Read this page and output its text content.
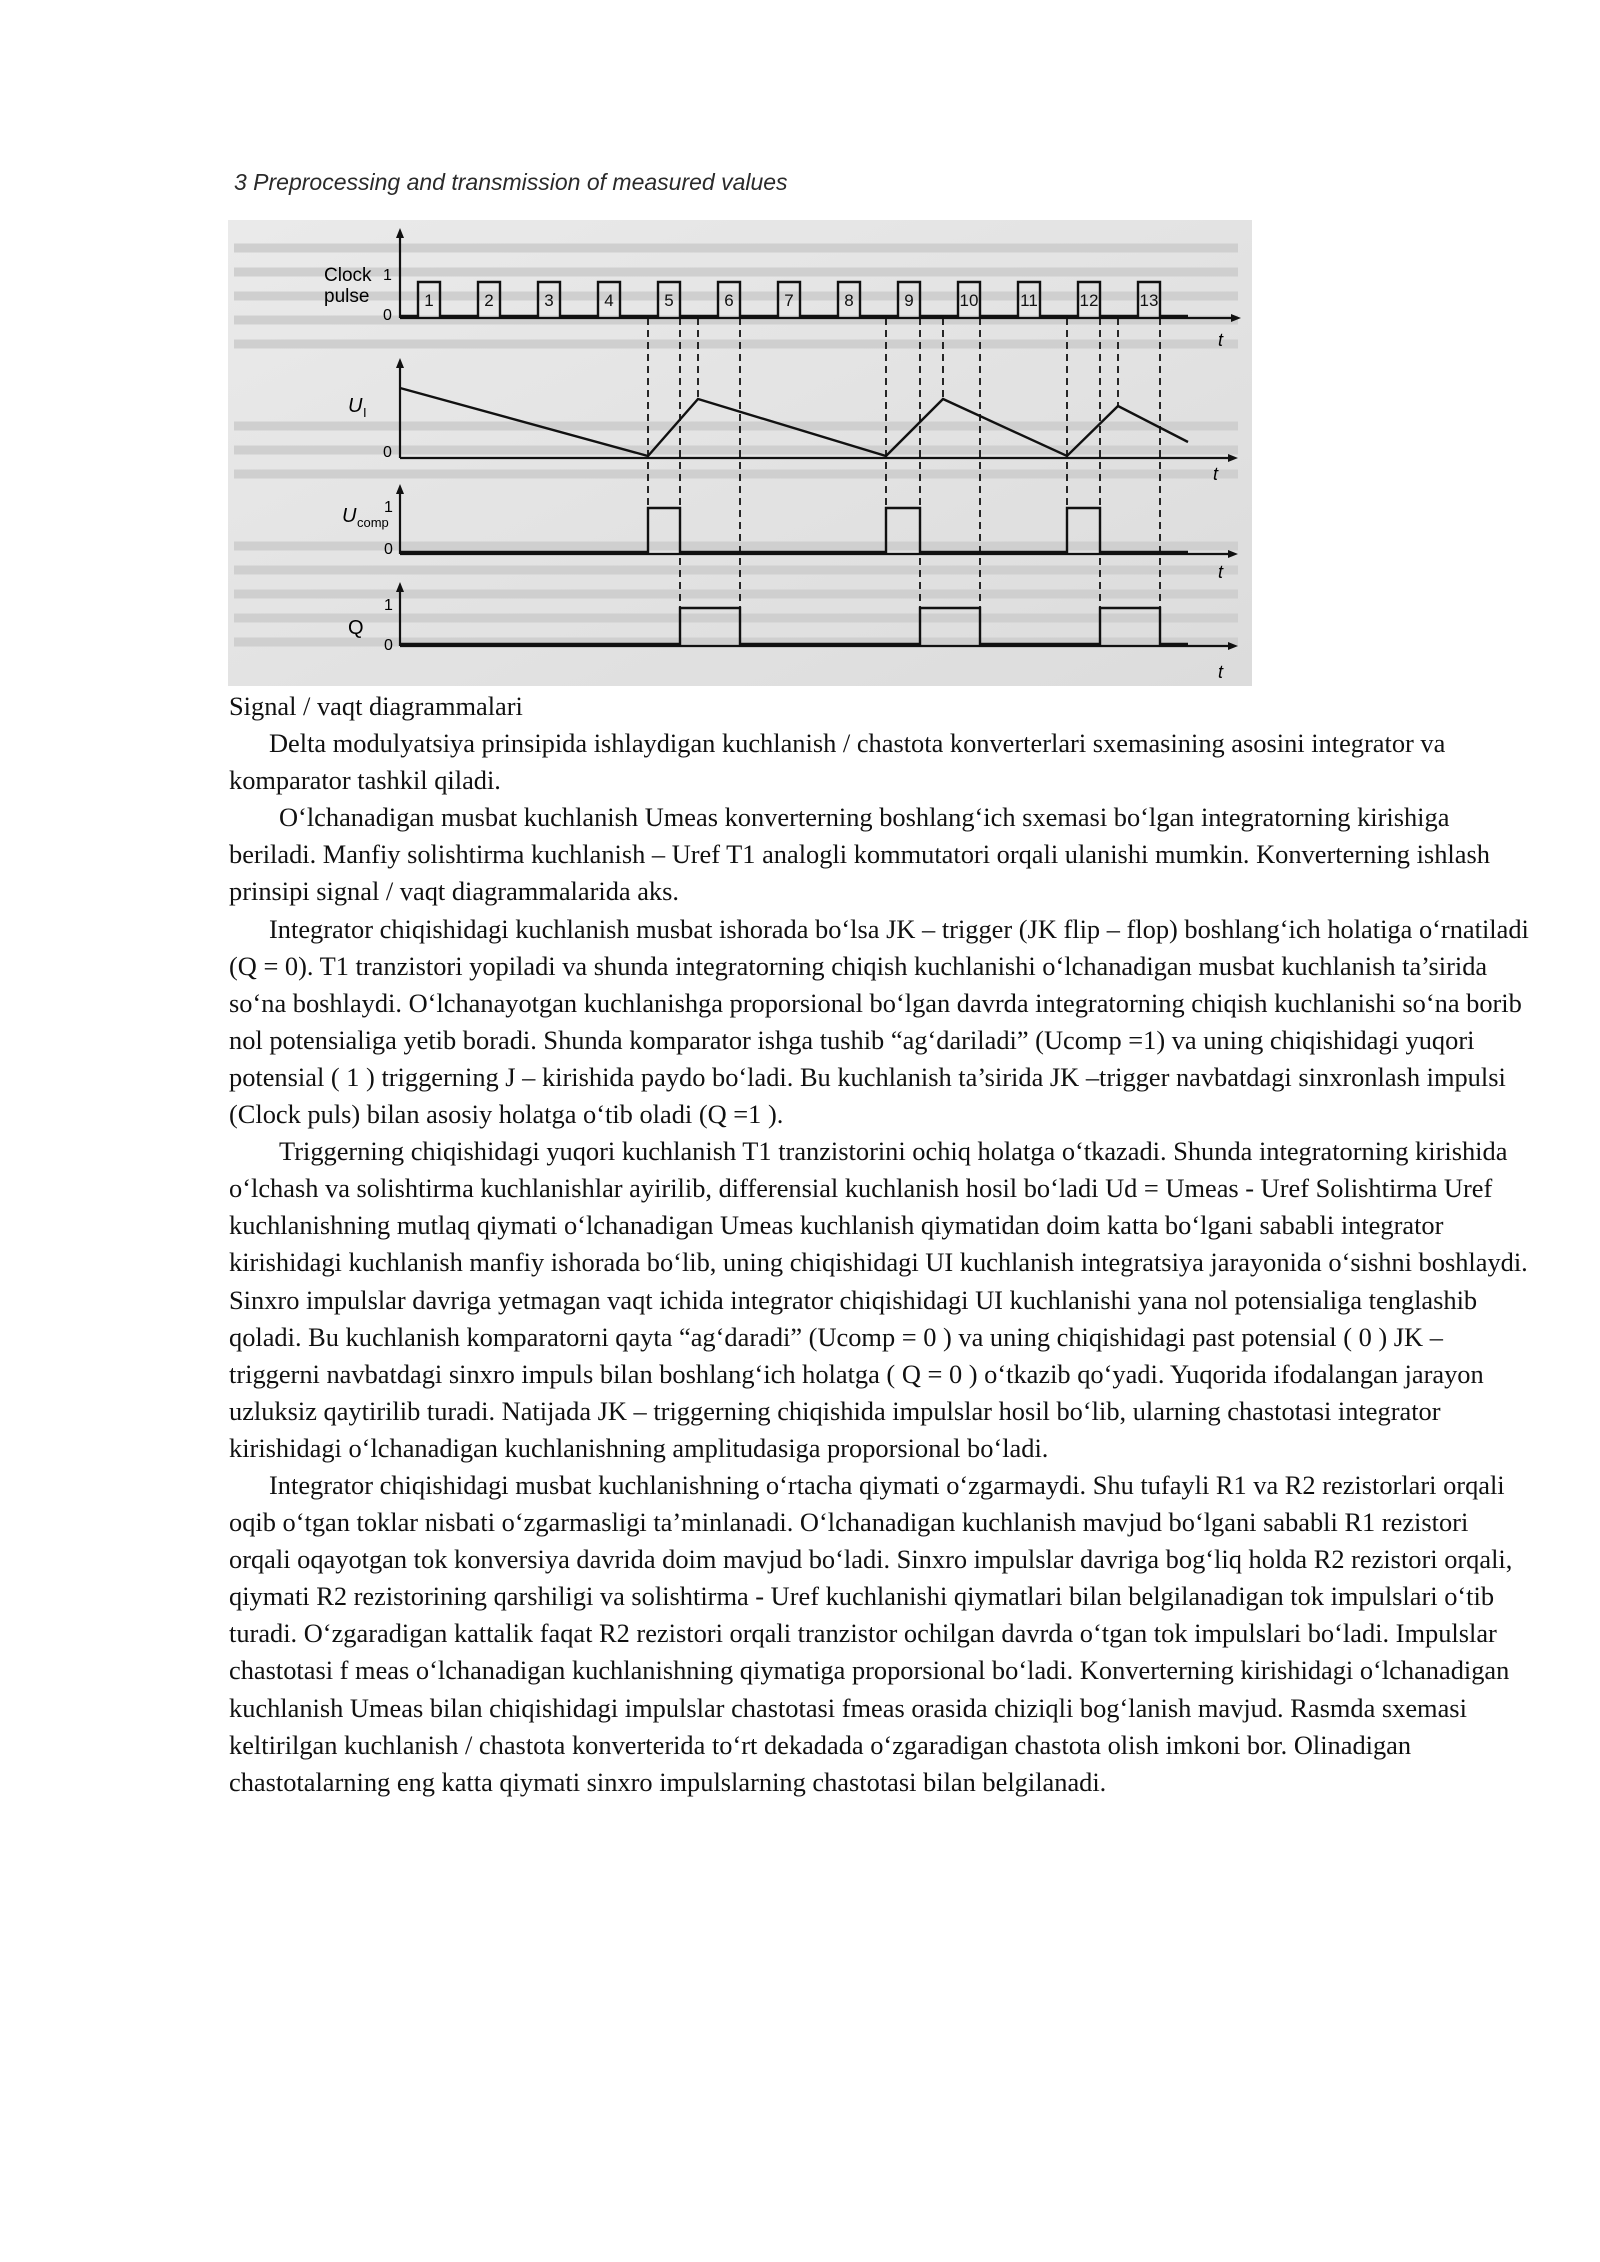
3 Preprocessing and transmission of measured values
Clock
pulse
1
0
1	2	3	4	5	6	7	8	9	10 11 12 13
t
U I
0
t
U comp
1
0
t
Q
1
0
t

Signal / vaqt diagrammalari

Delta modulyatsiya prinsipida ishlaydigan kuchlanish / chastota konverterlari sxemasining asosini integrator va komparator tashkil qiladi.

O‘lchanadigan musbat kuchlanish Umeas konverterning boshlang‘ich sxemasi bo‘lgan integratorning kirishiga beriladi. Manfiy solishtirma kuchlanish – Uref T1 analogli kommutatori orqali ulanishi mumkin. Konverterning ishlash prinsipi signal / vaqt diagrammalarida aks.

Integrator chiqishidagi kuchlanish musbat ishorada bo‘lsa JK – trigger (JK flip – flop) boshlang‘ich holatiga o‘rnatiladi (Q = 0). T1 tranzistori yopiladi va shunda integratorning chiqish kuchlanishi o‘lchanadigan musbat kuchlanish ta’sirida so‘na boshlaydi. O‘lchanayotgan kuchlanishga proporsional bo‘lgan davrda integratorning chiqish kuchlanishi so‘na borib nol potensialiga yetib boradi. Shunda komparator ishga tushib “ag‘dariladi” (Ucomp =1) va uning chiqishidagi yuqori potensial ( 1 ) triggerning J – kirishida paydo bo‘ladi. Bu kuchlanish ta’sirida JK –trigger navbatdagi sinxronlash impulsi (Clock puls) bilan asosiy holatga o‘tib oladi (Q =1 ).

Triggerning chiqishidagi yuqori kuchlanish T1 tranzistorini ochiq holatga o‘tkazadi. Shunda integratorning kirishida o‘lchash va solishtirma kuchlanishlar ayirilib, differensial kuchlanish hosil bo‘ladi Ud = Umeas - Uref Solishtirma Uref kuchlanishning mutlaq qiymati o‘lchanadigan Umeas kuchlanish qiymatidan doim katta bo‘lgani sababli integrator kirishidagi kuchlanish manfiy ishorada bo‘lib, uning chiqishidagi UI kuchlanish integratsiya jarayonida o‘sishni boshlaydi. Sinxro impulslar davriga yetmagan vaqt ichida integrator chiqishidagi UI kuchlanishi yana nol potensialiga tenglashib qoladi. Bu kuchlanish komparatorni qayta “ag‘daradi” (Ucomp = 0 ) va uning chiqishidagi past potensial ( 0 ) JK – triggerni navbatdagi sinxro impuls bilan boshlang‘ich holatga ( Q = 0 ) o‘tkazib qo‘yadi. Yuqorida ifodalangan jarayon uzluksiz qaytirilib turadi. Natijada JK – triggerning chiqishida impulslar hosil bo‘lib, ularning chastotasi integrator kirishidagi o‘lchanadigan kuchlanishning amplitudasiga proporsional bo‘ladi.

Integrator chiqishidagi musbat kuchlanishning o‘rtacha qiymati o‘zgarmaydi. Shu tufayli R1 va R2 rezistorlari orqali oqib o‘tgan toklar nisbati o‘zgarmasligi ta’minlanadi. O‘lchanadigan kuchlanish mavjud bo‘lgani sababli R1 rezistori orqali oqayotgan tok konversiya davrida doim mavjud bo‘ladi. Sinxro impulslar davriga bog‘liq holda R2 rezistori orqali, qiymati R2 rezistorining qarshiligi va solishtirma - Uref kuchlanishi qiymatlari bilan belgilanadigan tok impulslari o‘tib turadi. O‘zgaradigan kattalik faqat R2 rezistori orqali tranzistor ochilgan davrda o‘tgan tok impulslari bo‘ladi. Impulslar chastotasi f meas o‘lchanadigan kuchlanishning qiymatiga proporsional bo‘ladi. Konverterning kirishidagi o‘lchanadigan kuchlanish Umeas bilan chiqishidagi impulslar chastotasi fmeas orasida chiziqli bog‘lanish mavjud. Rasmda sxemasi keltirilgan kuchlanish / chastota konverterida to‘rt dekadada o‘zgaradigan chastota olish imkoni bor. Olinadigan chastotalarning eng katta qiymati sinxro impulslarning chastotasi bilan belgilanadi.
